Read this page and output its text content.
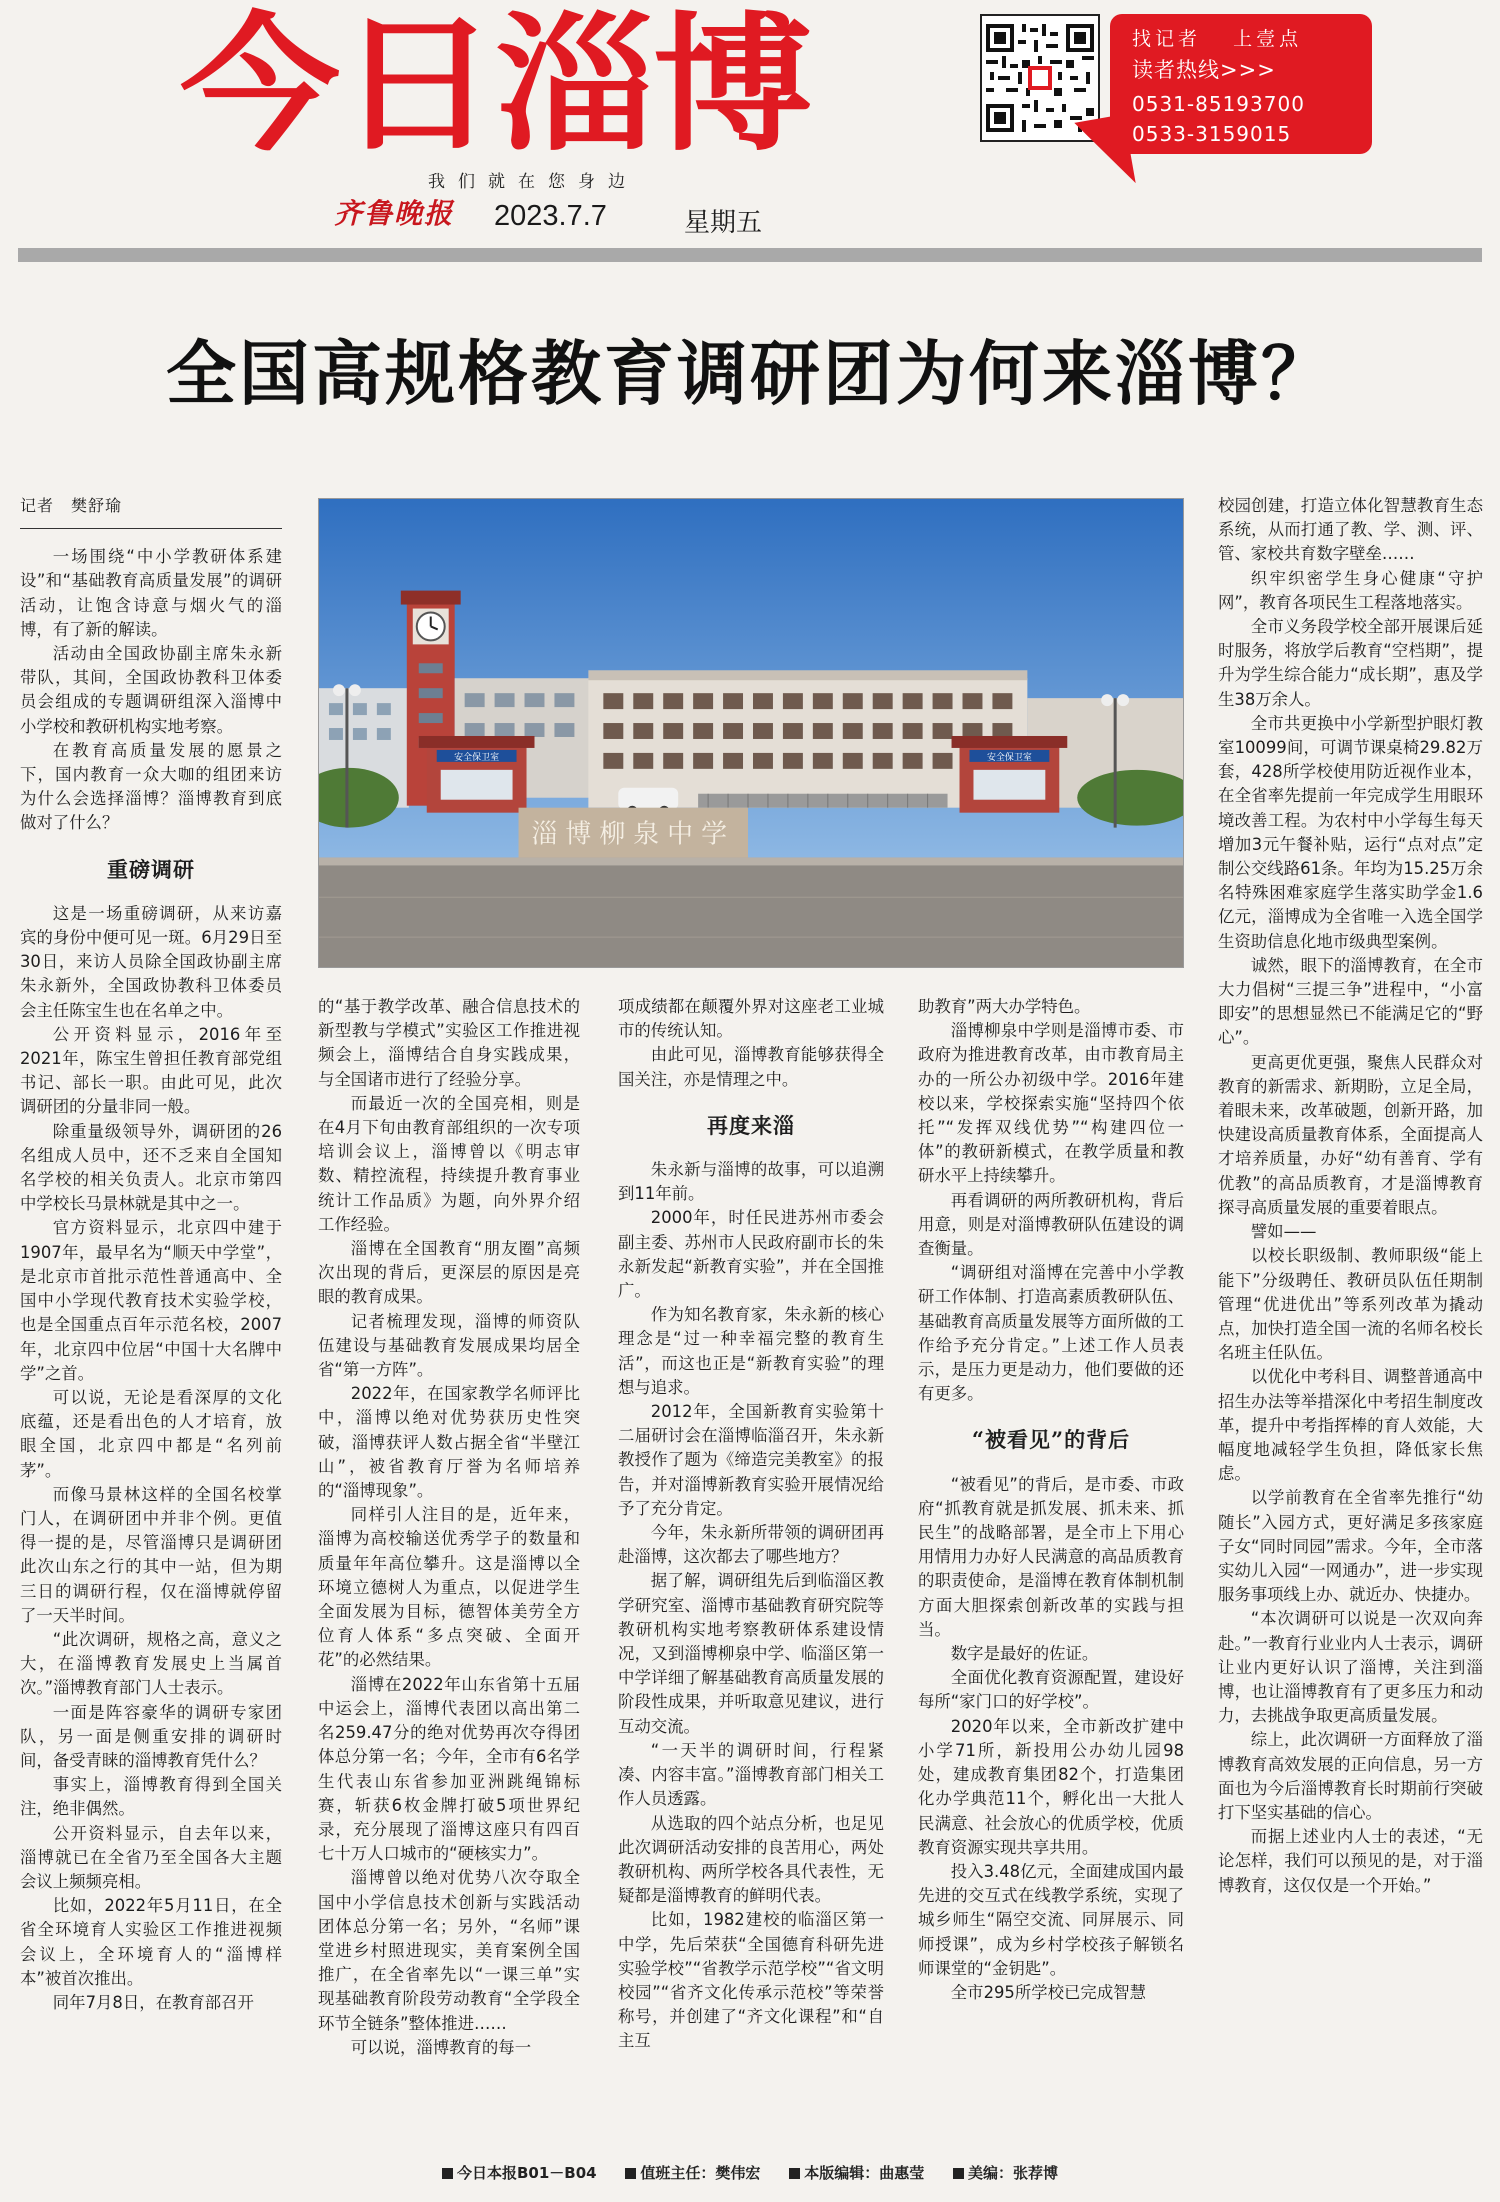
今日淄博	找记者 上壹点
读者热线>>>
0531-85193700
0533-3159015
我们就在您身边
齐鲁晚报 2023.7.7	星期五
全国高规格教育调研团为何来淄博？
安全保卫室	安全保卫室
淄博柳泉中学
记者　樊舒瑜

一场围绕“中小学教研体系建设”和“基础教育高质量发展”的调研活动，让饱含诗意与烟火气的淄博，有了新的解读。

活动由全国政协副主席朱永新带队，其间，全国政协教科卫体委员会组成的专题调研组深入淄博中小学校和教研机构实地考察。

在教育高质量发展的愿景之下，国内教育一众大咖的组团来访为什么会选择淄博？淄博教育到底做对了什么？

重磅调研

这是一场重磅调研，从来访嘉宾的身份中便可见一斑。6月29日至30日，来访人员除全国政协副主席朱永新外，全国政协教科卫体委员会主任陈宝生也在名单之中。

公开资料显示，2016年至2021年，陈宝生曾担任教育部党组书记、部长一职。由此可见，此次调研团的分量非同一般。

除重量级领导外，调研团的26名组成人员中，还不乏来自全国知名学校的相关负责人。北京市第四中学校长马景林就是其中之一。

官方资料显示，北京四中建于1907年，最早名为“顺天中学堂”，是北京市首批示范性普通高中、全国中小学现代教育技术实验学校，也是全国重点百年示范名校，2007年，北京四中位居“中国十大名牌中学”之首。

可以说，无论是看深厚的文化底蕴，还是看出色的人才培育，放眼全国，北京四中都是“名列前茅”。

而像马景林这样的全国名校掌门人，在调研团中并非个例。更值得一提的是，尽管淄博只是调研团此次山东之行的其中一站，但为期三日的调研行程，仅在淄博就停留了一天半时间。

“此次调研，规格之高，意义之大，在淄博教育发展史上当属首次。”淄博教育部门人士表示。

一面是阵容豪华的调研专家团队，另一面是侧重安排的调研时间，备受青睐的淄博教育凭什么？

事实上，淄博教育得到全国关注，绝非偶然。

公开资料显示，自去年以来，淄博就已在全省乃至全国各大主题会议上频频亮相。

比如，2022年5月11日，在全省全环境育人实验区工作推进视频会议上，全环境育人的“淄博样本”被首次推出。

同年7月8日，在教育部召开

的“基于教学改革、融合信息技术的新型教与学模式”实验区工作推进视频会上，淄博结合自身实践成果，与全国诸市进行了经验分享。

而最近一次的全国亮相，则是在4月下旬由教育部组织的一次专项培训会议上，淄博曾以《明志审数、精控流程，持续提升教育事业统计工作品质》为题，向外界介绍工作经验。

淄博在全国教育“朋友圈”高频次出现的背后，更深层的原因是亮眼的教育成果。

记者梳理发现，淄博的师资队伍建设与基础教育发展成果均居全省“第一方阵”。

2022年，在国家教学名师评比中，淄博以绝对优势获历史性突破，淄博获评人数占据全省“半壁江山”，被省教育厅誉为名师培养的“淄博现象”。

同样引人注目的是，近年来，淄博为高校输送优秀学子的数量和质量年年高位攀升。这是淄博以全环境立德树人为重点，以促进学生全面发展为目标，德智体美劳全方位育人体系“多点突破、全面开花”的必然结果。

淄博在2022年山东省第十五届中运会上，淄博代表团以高出第二名259.47分的绝对优势再次夺得团体总分第一名；今年，全市有6名学生代表山东省参加亚洲跳绳锦标赛，斩获6枚金牌打破5项世界纪录，充分展现了淄博这座只有四百七十万人口城市的“硬核实力”。

淄博曾以绝对优势八次夺取全国中小学信息技术创新与实践活动团体总分第一名；另外，“名师”课堂进乡村照进现实，美育案例全国推广，在全省率先以“一课三单”实现基础教育阶段劳动教育“全学段全环节全链条”整体推进……

可以说，淄博教育的每一

项成绩都在颠覆外界对这座老工业城市的传统认知。

由此可见，淄博教育能够获得全国关注，亦是情理之中。

再度来淄

朱永新与淄博的故事，可以追溯到11年前。

2000年，时任民进苏州市委会副主委、苏州市人民政府副市长的朱永新发起“新教育实验”，并在全国推广。

作为知名教育家，朱永新的核心理念是“过一种幸福完整的教育生活”，而这也正是“新教育实验”的理想与追求。

2012年，全国新教育实验第十二届研讨会在淄博临淄召开，朱永新教授作了题为《缔造完美教室》的报告，并对淄博新教育实验开展情况给予了充分肯定。

今年，朱永新所带领的调研团再赴淄博，这次都去了哪些地方？

据了解，调研组先后到临淄区教学研究室、淄博市基础教育研究院等教研机构实地考察教研体系建设情况，又到淄博柳泉中学、临淄区第一中学详细了解基础教育高质量发展的阶段性成果，并听取意见建议，进行互动交流。

“一天半的调研时间，行程紧凑、内容丰富。”淄博教育部门相关工作人员透露。

从选取的四个站点分析，也足见此次调研活动安排的良苦用心，两处教研机构、两所学校各具代表性，无疑都是淄博教育的鲜明代表。

比如，1982建校的临淄区第一中学，先后荣获“全国德育科研先进实验学校”“省教学示范学校”“省文明校园”“省齐文化传承示范校”等荣誉称号，并创建了“齐文化课程”和“自主互

助教育”两大办学特色。

淄博柳泉中学则是淄博市委、市政府为推进教育改革，由市教育局主办的一所公办初级中学。2016年建校以来，学校探索实施“坚持四个依托”“发挥双线优势”“构建四位一体”的教研新模式，在教学质量和教研水平上持续攀升。

再看调研的两所教研机构，背后用意，则是对淄博教研队伍建设的调查衡量。

“调研组对淄博在完善中小学教研工作体制、打造高素质教研队伍、基础教育高质量发展等方面所做的工作给予充分肯定。”上述工作人员表示，是压力更是动力，他们要做的还有更多。

“被看见”的背后

“被看见”的背后，是市委、市政府“抓教育就是抓发展、抓未来、抓民生”的战略部署，是全市上下用心用情用力办好人民满意的高品质教育的职责使命，是淄博在教育体制机制方面大胆探索创新改革的实践与担当。

数字是最好的佐证。

全面优化教育资源配置，建设好每所“家门口的好学校”。

2020年以来，全市新改扩建中小学71所，新投用公办幼儿园98处，建成教育集团82个，打造集团化办学典范11个，孵化出一大批人民满意、社会放心的优质学校，优质教育资源实现共享共用。

投入3.48亿元，全面建成国内最先进的交互式在线教学系统，实现了城乡师生“隔空交流、同屏展示、同师授课”，成为乡村学校孩子解锁名师课堂的“金钥匙”。

全市295所学校已完成智慧

校园创建，打造立体化智慧教育生态系统，从而打通了教、学、测、评、管、家校共育数字壁垒……

织牢织密学生身心健康“守护网”，教育各项民生工程落地落实。

全市义务段学校全部开展课后延时服务，将放学后教育“空档期”，提升为学生综合能力“成长期”，惠及学生38万余人。

全市共更换中小学新型护眼灯教室10099间，可调节课桌椅29.82万套，428所学校使用防近视作业本，在全省率先提前一年完成学生用眼环境改善工程。为农村中小学每生每天增加3元午餐补贴，运行“点对点”定制公交线路61条。年均为15.25万余名特殊困难家庭学生落实助学金1.6亿元，淄博成为全省唯一入选全国学生资助信息化地市级典型案例。

诚然，眼下的淄博教育，在全市大力倡树“三提三争”进程中，“小富即安”的思想显然已不能满足它的“野心”。

更高更优更强，聚焦人民群众对教育的新需求、新期盼，立足全局，着眼未来，改革破题，创新开路，加快建设高质量教育体系，全面提高人才培养质量，办好“幼有善育、学有优教”的高品质教育，才是淄博教育探寻高质量发展的重要着眼点。

譬如——

以校长职级制、教师职级“能上能下”分级聘任、教研员队伍任期制管理“优进优出”等系列改革为撬动点，加快打造全国一流的名师名校长名班主任队伍。

以优化中考科目、调整普通高中招生办法等举措深化中考招生制度改革，提升中考指挥棒的育人效能，大幅度地减轻学生负担，降低家长焦虑。

以学前教育在全省率先推行“幼随长”入园方式，更好满足多孩家庭子女“同时同园”需求。今年，全市落实幼儿入园“一网通办”，进一步实现服务事项线上办、就近办、快捷办。

“本次调研可以说是一次双向奔赴。”一教育行业业内人士表示，调研让业内更好认识了淄博，关注到淄博，也让淄博教育有了更多压力和动力，去挑战争取更高质量发展。

综上，此次调研一方面释放了淄博教育高效发展的正向信息，另一方面也为今后淄博教育长时期前行突破打下坚实基础的信心。

而据上述业内人士的表述，“无论怎样，我们可以预见的是，对于淄博教育，这仅仅是一个开始。”

今日本报B01－B04	值班主任：樊伟宏	本版编辑：曲惠莹	美编：张荐博
